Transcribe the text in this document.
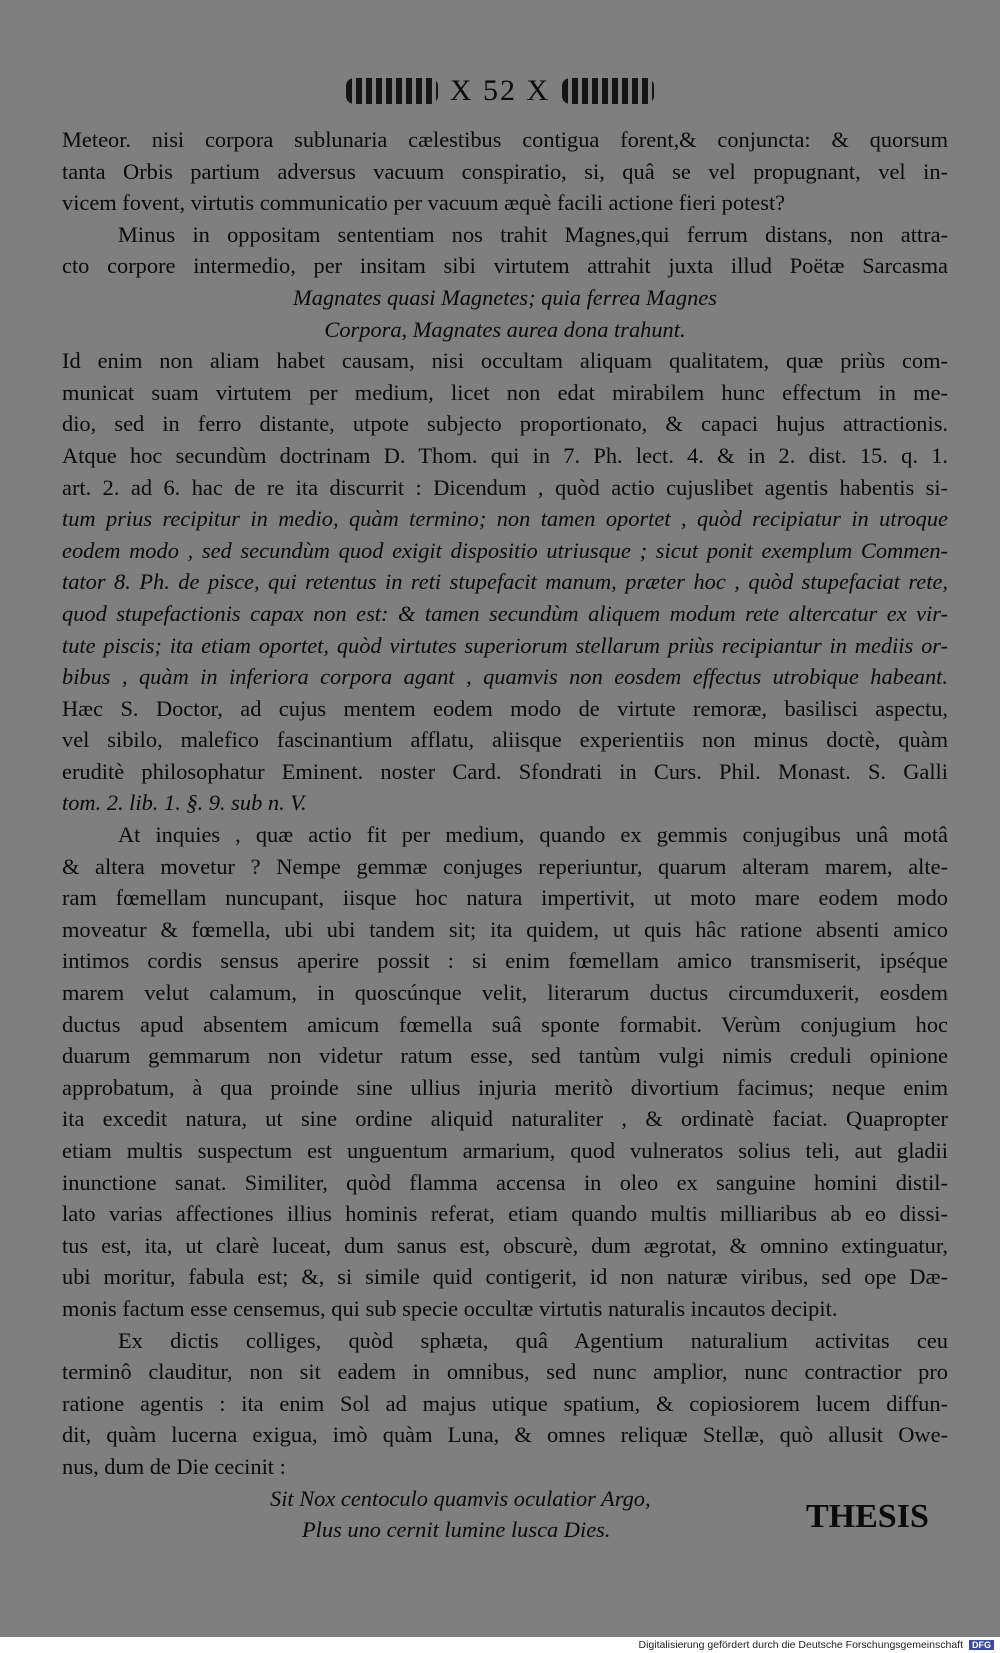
X 52 X
Meteor. nisi corpora sublunaria cælestibus contigua forent,& conjuncta: & quorsum
tanta Orbis partium adversus vacuum conspiratio, si, quâ se vel propugnant, vel in-
vicem fovent, virtutis communicatio per vacuum æquè facili actione fieri potest?
Minus in oppositam sententiam nos trahit Magnes,qui ferrum distans, non attra-
cto corpore intermedio, per insitam sibi virtutem attrahit juxta illud Poëtæ Sarcasma
Magnates quasi Magnetes; quia ferrea Magnes
Corpora, Magnates aurea dona trahunt.
Id enim non aliam habet causam, nisi occultam aliquam qualitatem, quæ priùs com-
municat suam virtutem per medium, licet non edat mirabilem hunc effectum in me-
dio, sed in ferro distante, utpote subjecto proportionato, & capaci hujus attractionis.
Atque hoc secundùm doctrinam D. Thom. qui in 7. Ph. lect. 4. & in 2. dist. 15. q. 1.
art. 2. ad 6. hac de re ita discurrit : Dicendum , quòd actio cujuslibet agentis habentis si-
tum prius recipitur in medio, quàm termino; non tamen oportet , quòd recipiatur in utroque
eodem modo , sed secundùm quod exigit dispositio utriusque ; sicut ponit exemplum Commen-
tator 8. Ph. de pisce, qui retentus in reti stupefacit manum, præter hoc , quòd stupefaciat rete,
quod stupefactionis capax non est: & tamen secundùm aliquem modum rete altercatur ex vir-
tute piscis; ita etiam oportet, quòd virtutes superiorum stellarum priùs recipiantur in mediis or-
bibus , quàm in inferiora corpora agant , quamvis non eosdem effectus utrobique habeant.
Hæc S. Doctor, ad cujus mentem eodem modo de virtute remoræ, basilisci aspectu,
vel sibilo, malefico fascinantium afflatu, aliisque experientiis non minus doctè, quàm
eruditè philosophatur Eminent. noster Card. Sfondrati in Curs. Phil. Monast. S. Galli
tom. 2. lib. 1. §. 9. sub n. V.
At inquies , quæ actio fit per medium, quando ex gemmis conjugibus unâ motâ
& altera movetur ? Nempe gemmæ conjuges reperiuntur, quarum alteram marem, alte-
ram fœmellam nuncupant, iisque hoc natura impertivit, ut moto mare eodem modo
moveatur & fœmella, ubi ubi tandem sit; ita quidem, ut quis hâc ratione absenti amico
intimos cordis sensus aperire possit : si enim fœmellam amico transmiserit, ipséque
marem velut calamum, in quoscúnque velit, literarum ductus circumduxerit, eosdem
ductus apud absentem amicum fœmella suâ sponte formabit. Verùm conjugium hoc
duarum gemmarum non videtur ratum esse, sed tantùm vulgi nimis creduli opinione
approbatum, à qua proinde sine ullius injuria meritò divortium facimus; neque enim
ita excedit natura, ut sine ordine aliquid naturaliter , & ordinatè faciat. Quapropter
etiam multis suspectum est unguentum armarium, quod vulneratos solius teli, aut gladii
inunctione sanat. Similiter, quòd flamma accensa in oleo ex sanguine homini distil-
lato varias affectiones illius hominis referat, etiam quando multis milliaribus ab eo dissi-
tus est, ita, ut clarè luceat, dum sanus est, obscurè, dum ægrotat, & omnino extinguatur,
ubi moritur, fabula est; &, si simile quid contigerit, id non naturæ viribus, sed ope Dæ-
monis factum esse censemus, qui sub specie occultæ virtutis naturalis incautos decipit.
Ex dictis colliges, quòd sphæta, quâ Agentium naturalium activitas ceu
terminô clauditur, non sit eadem in omnibus, sed nunc amplior, nunc contractior pro
ratione agentis : ita enim Sol ad majus utique spatium, & copiosiorem lucem diffun-
dit, quàm lucerna exigua, imò quàm Luna, & omnes reliquæ Stellæ, quò allusit Owe-
nus, dum de Die cecinit :
Sit Nox centoculo quamvis oculatior Argo,
Plus uno cernit lumine lusca Dies.	THESIS
Digitalisierung gefördert durch die Deutsche Forschungsgemeinschaft	DFG
